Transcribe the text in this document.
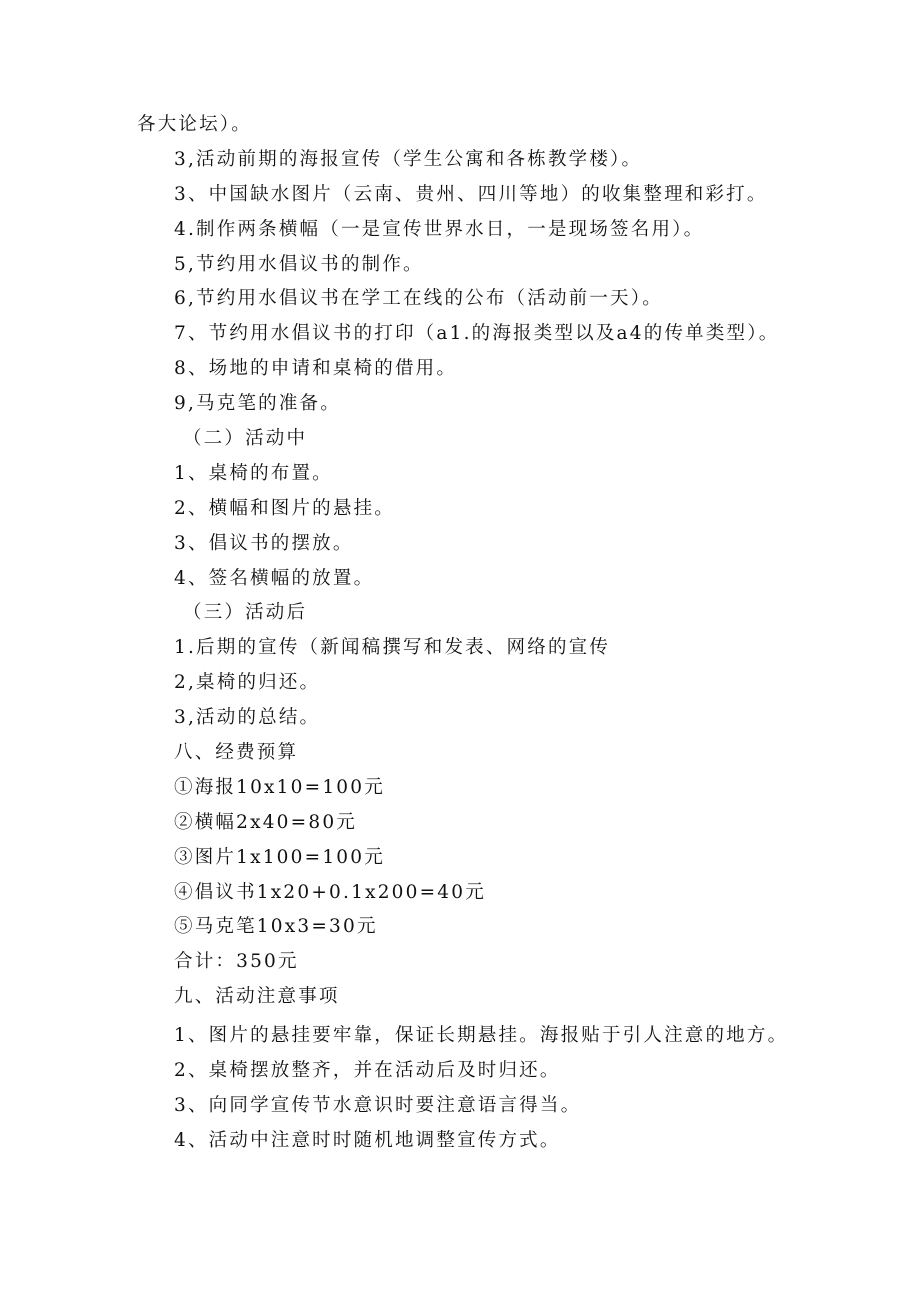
各大论坛）。
3,活动前期的海报宣传（学生公寓和各栋教学楼）。
3、中国缺水图片（云南、贵州、四川等地）的收集整理和彩打。
4.制作两条横幅（一是宣传世界水日，一是现场签名用）。
5,节约用水倡议书的制作。
6,节约用水倡议书在学工在线的公布（活动前一天）。
7、节约用水倡议书的打印（a1.的海报类型以及a4的传单类型）。
8、场地的申请和桌椅的借用。
9,马克笔的准备。
（二）活动中
1、桌椅的布置。
2、横幅和图片的悬挂。
3、倡议书的摆放。
4、签名横幅的放置。
（三）活动后
1.后期的宣传（新闻稿撰写和发表、网络的宣传
2,桌椅的归还。
3,活动的总结。
八、经费预算
①海报10x10=100元
②横幅2x40=80元
③图片1x100=100元
④倡议书1x20+0.1x200=40元
⑤马克笔10x3=30元
合计：350元
九、活动注意事项
1、图片的悬挂要牢靠，保证长期悬挂。海报贴于引人注意的地方。
2、桌椅摆放整齐，并在活动后及时归还。
3、向同学宣传节水意识时要注意语言得当。
4、活动中注意时时随机地调整宣传方式。
